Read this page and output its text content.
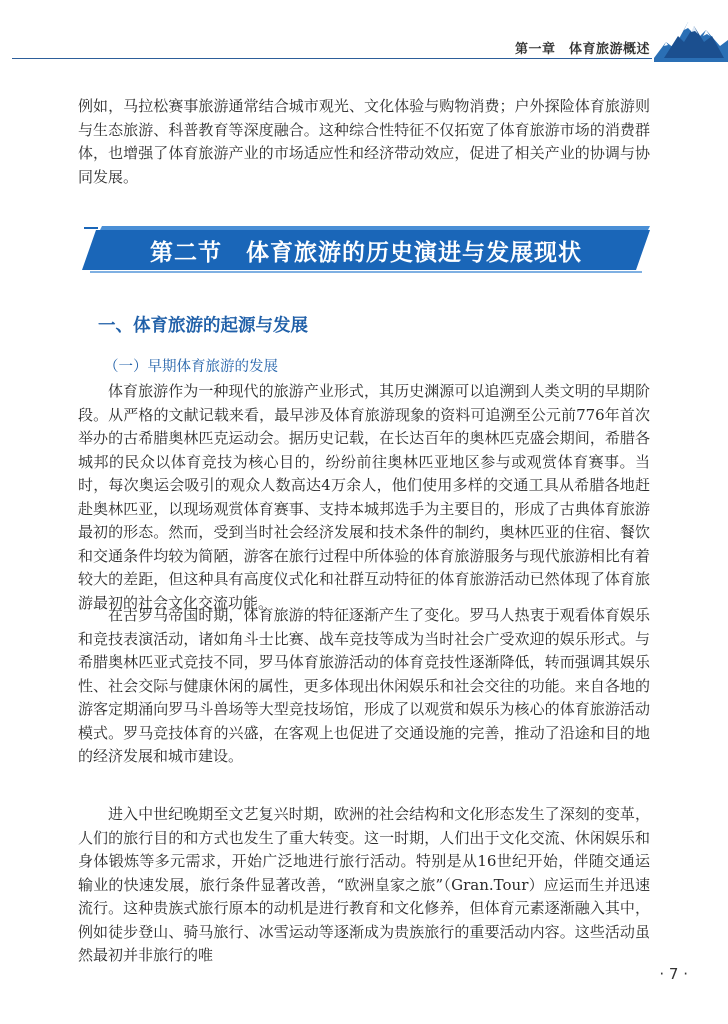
第一章　体育旅游概述

例如，马拉松赛事旅游通常结合城市观光、文化体验与购物消费；户外探险体育旅游则与生态旅游、科普教育等深度融合。这种综合性特征不仅拓宽了体育旅游市场的消费群体，也增强了体育旅游产业的市场适应性和经济带动效应，促进了相关产业的协调与协同发展。

第二节 体育旅游的历史演进与发展现状
一、体育旅游的起源与发展
（一）早期体育旅游的发展

体育旅游作为一种现代的旅游产业形式，其历史渊源可以追溯到人类文明的早期阶段。从严格的文献记载来看，最早涉及体育旅游现象的资料可追溯至公元前776年首次举办的古希腊奥林匹克运动会。据历史记载，在长达百年的奥林匹克盛会期间，希腊各城邦的民众以体育竞技为核心目的，纷纷前往奥林匹亚地区参与或观赏体育赛事。当时，每次奥运会吸引的观众人数高达4万余人，他们使用多样的交通工具从希腊各地赶赴奥林匹亚，以现场观赏体育赛事、支持本城邦选手为主要目的，形成了古典体育旅游最初的形态。然而，受到当时社会经济发展和技术条件的制约，奥林匹亚的住宿、餐饮和交通条件均较为简陋，游客在旅行过程中所体验的体育旅游服务与现代旅游相比有着较大的差距，但这种具有高度仪式化和社群互动特征的体育旅游活动已然体现了体育旅游最初的社会文化交流功能。

在古罗马帝国时期，体育旅游的特征逐渐产生了变化。罗马人热衷于观看体育娱乐和竞技表演活动，诸如角斗士比赛、战车竞技等成为当时社会广受欢迎的娱乐形式。与希腊奥林匹亚式竞技不同，罗马体育旅游活动的体育竞技性逐渐降低，转而强调其娱乐性、社会交际与健康休闲的属性，更多体现出休闲娱乐和社会交往的功能。来自各地的游客定期涌向罗马斗兽场等大型竞技场馆，形成了以观赏和娱乐为核心的体育旅游活动模式。罗马竞技体育的兴盛，在客观上也促进了交通设施的完善，推动了沿途和目的地的经济发展和城市建设。

进入中世纪晚期至文艺复兴时期，欧洲的社会结构和文化形态发生了深刻的变革，人们的旅行目的和方式也发生了重大转变。这一时期，人们出于文化交流、休闲娱乐和身体锻炼等多元需求，开始广泛地进行旅行活动。特别是从16世纪开始，伴随交通运输业的快速发展，旅行条件显著改善，“欧洲皇家之旅”（Gran.Tour）应运而生并迅速流行。这种贵族式旅行原本的动机是进行教育和文化修养，但体育元素逐渐融入其中，例如徒步登山、骑马旅行、冰雪运动等逐渐成为贵族旅行的重要活动内容。这些活动虽然最初并非旅行的唯

· 7 ·
